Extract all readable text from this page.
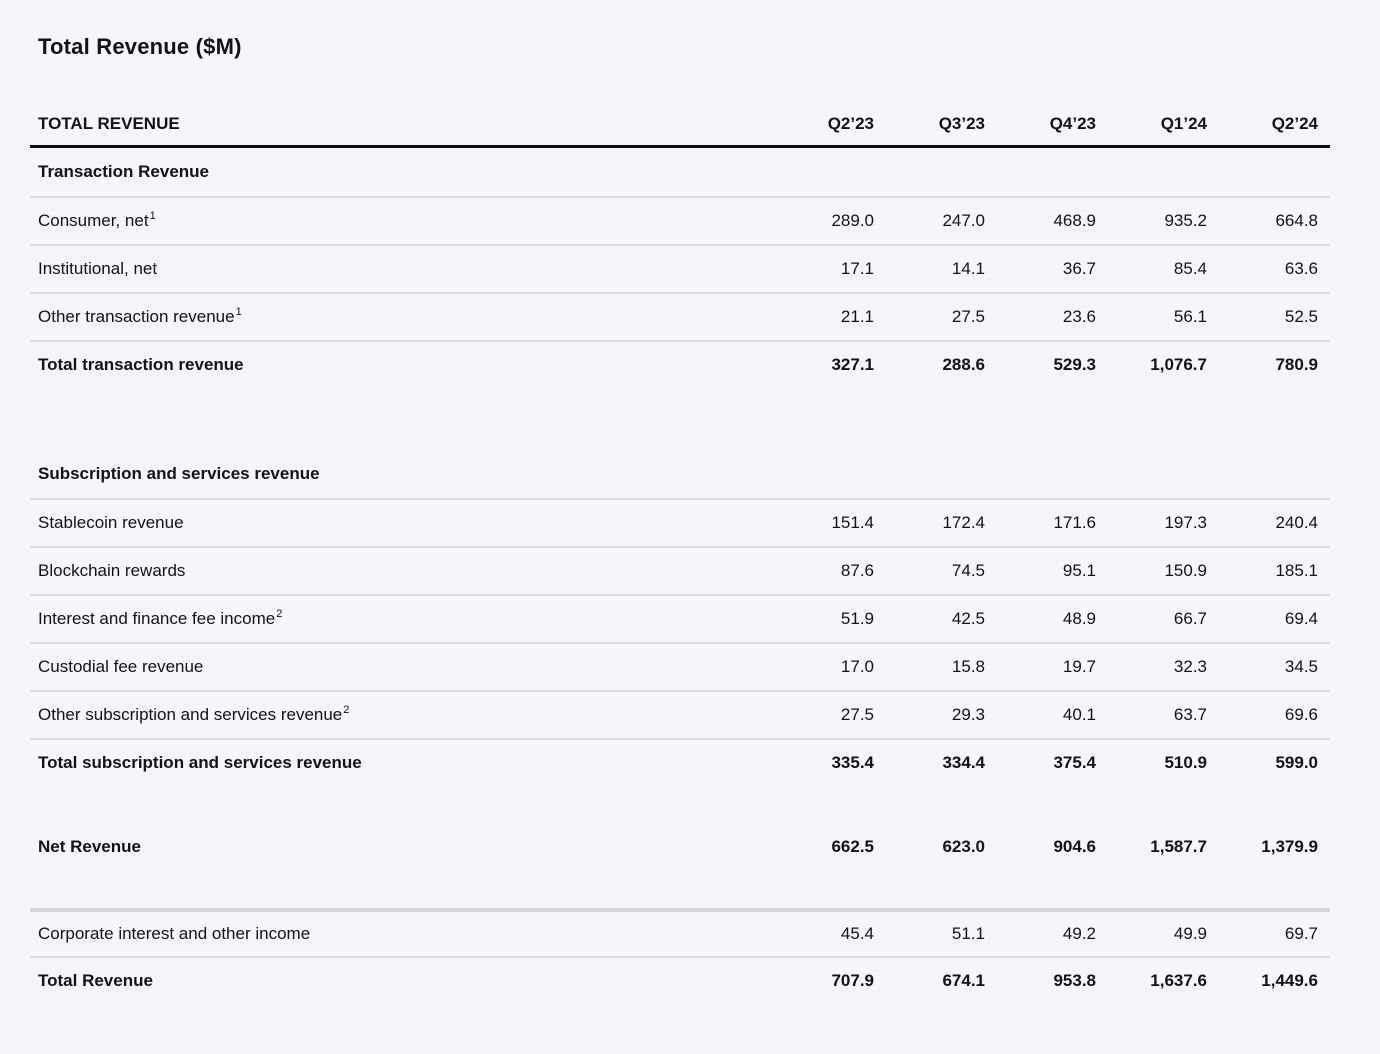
Total Revenue ($M)
TOTAL REVENUE	Q2’23	Q3’23	Q4’23	Q1’24	Q2’24
Transaction Revenue
Consumer, net$^1$	289.0	247.0	468.9	935.2	664.8
Institutional, net	17.1	14.1	36.7	85.4	63.6
Other transaction revenue$^1$	21.1	27.5	23.6	56.1	52.5
Total transaction revenue	327.1	288.6	529.3	1,076.7	780.9
Subscription and services revenue
Stablecoin revenue	151.4	172.4	171.6	197.3	240.4
Blockchain rewards	87.6	74.5	95.1	150.9	185.1
Interest and finance fee income$^2$	51.9	42.5	48.9	66.7	69.4
Custodial fee revenue	17.0	15.8	19.7	32.3	34.5
Other subscription and services revenue$^2$	27.5	29.3	40.1	63.7	69.6
Total subscription and services revenue	335.4	334.4	375.4	510.9	599.0
Net Revenue	662.5	623.0	904.6	1,587.7	1,379.9
Corporate interest and other income	45.4	51.1	49.2	49.9	69.7
Total Revenue	707.9	674.1	953.8	1,637.6	1,449.6
